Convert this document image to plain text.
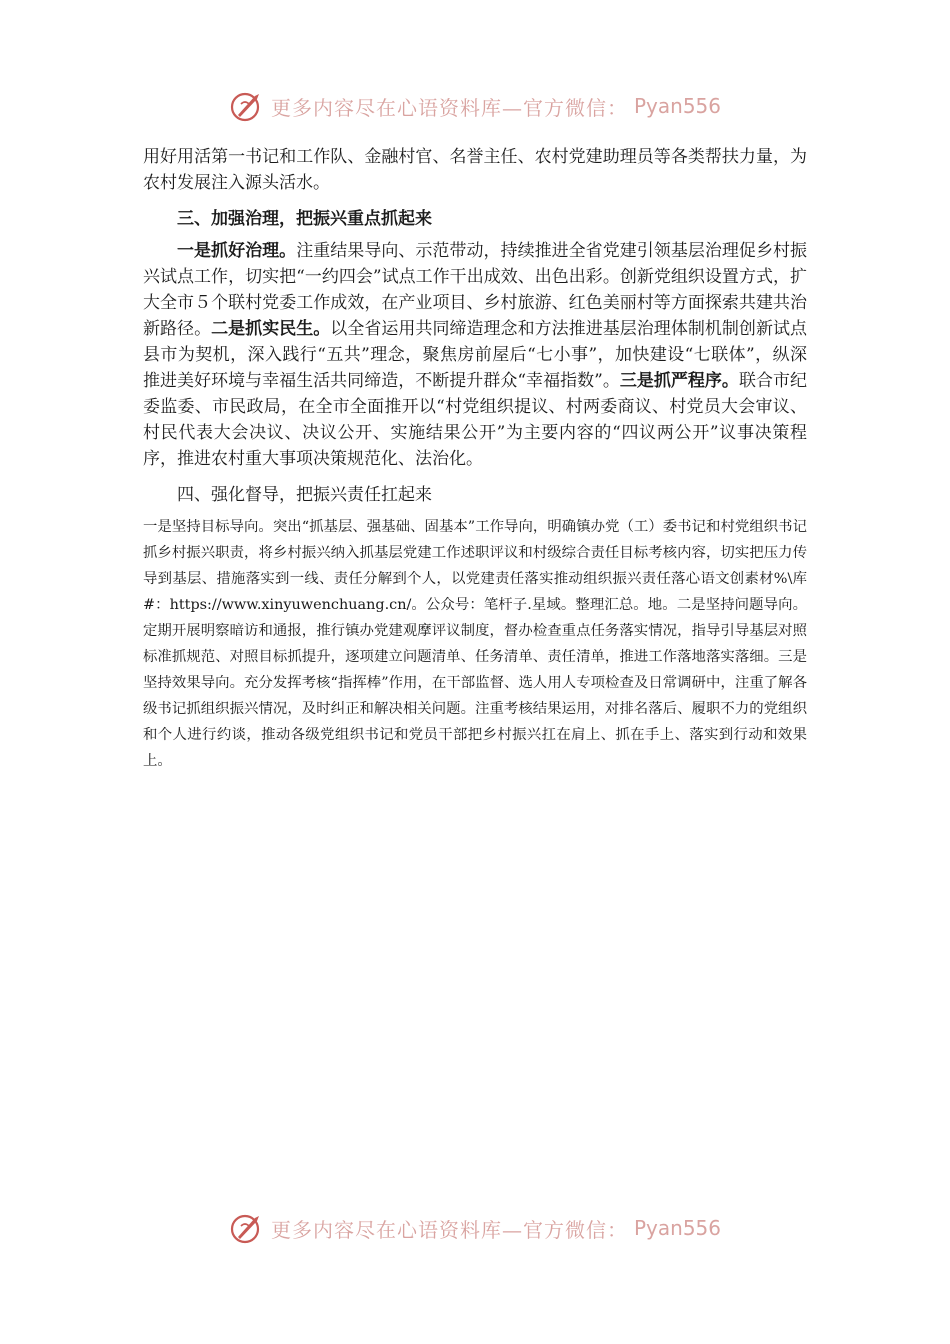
更多内容尽在心语资料库—官方微信： Pyan556

用好用活第一书记和工作队、金融村官、名誉主任、农村党建助理员等各类帮扶力量，为农村发展注入源头活水。

三、加强治理，把振兴重点抓起来

一是抓好治理。注重结果导向、示范带动，持续推进全省党建引领基层治理促乡村振兴试点工作，切实把“一约四会”试点工作干出成效、出色出彩。创新党组织设置方式，扩大全市５个联村党委工作成效，在产业项目、乡村旅游、红色美丽村等方面探索共建共治新路径。二是抓实民生。以全省运用共同缔造理念和方法推进基层治理体制机制创新试点县市为契机，深入践行“五共”理念，聚焦房前屋后“七小事”，加快建设“七联体”，纵深推进美好环境与幸福生活共同缔造，不断提升群众“幸福指数”。三是抓严程序。联合市纪委监委、市民政局，在全市全面推开以“村党组织提议、村两委商议、村党员大会审议、村民代表大会决议、决议公开、实施结果公开”为主要内容的“四议两公开”议事决策程序，推进农村重大事项决策规范化、法治化。

四、强化督导，把振兴责任扛起来

一是坚持目标导向。突出“抓基层、强基础、固基本”工作导向，明确镇办党（工）委书记和村党组织书记抓乡村振兴职责，将乡村振兴纳入抓基层党建工作述职评议和村级综合责任目标考核内容，切实把压力传导到基层、措施落实到一线、责任分解到个人，以党建责任落实推动组织振兴责任落心语文创素材%\库#：https://www.xinyuwenchuang.cn/。公众号：笔杆子.星域。整理汇总。地。二是坚持问题导向。定期开展明察暗访和通报，推行镇办党建观摩评议制度，督办检查重点任务落实情况，指导引导基层对照标准抓规范、对照目标抓提升，逐项建立问题清单、任务清单、责任清单，推进工作落地落实落细。三是坚持效果导向。充分发挥考核“指挥棒”作用，在干部监督、选人用人专项检查及日常调研中，注重了解各级书记抓组织振兴情况，及时纠正和解决相关问题。注重考核结果运用，对排名落后、履职不力的党组织和个人进行约谈，推动各级党组织书记和党员干部把乡村振兴扛在肩上、抓在手上、落实到行动和效果上。

更多内容尽在心语资料库—官方微信： Pyan556
